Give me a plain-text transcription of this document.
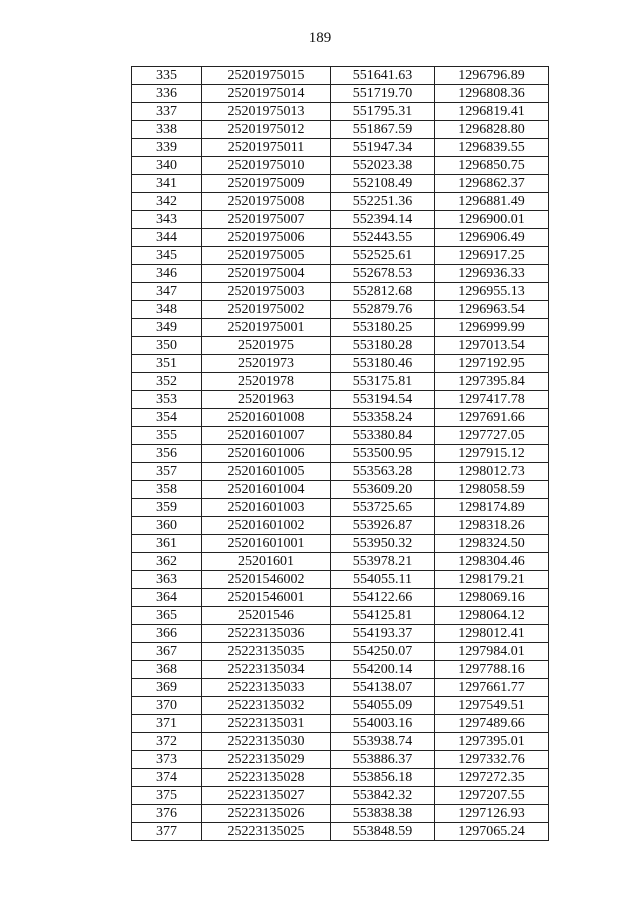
189
335	25201975015	551641.63	1296796.89
336	25201975014	551719.70	1296808.36
337	25201975013	551795.31	1296819.41
338	25201975012	551867.59	1296828.80
339	25201975011	551947.34	1296839.55
340	25201975010	552023.38	1296850.75
341	25201975009	552108.49	1296862.37
342	25201975008	552251.36	1296881.49
343	25201975007	552394.14	1296900.01
344	25201975006	552443.55	1296906.49
345	25201975005	552525.61	1296917.25
346	25201975004	552678.53	1296936.33
347	25201975003	552812.68	1296955.13
348	25201975002	552879.76	1296963.54
349	25201975001	553180.25	1296999.99
350	25201975	553180.28	1297013.54
351	25201973	553180.46	1297192.95
352	25201978	553175.81	1297395.84
353	25201963	553194.54	1297417.78
354	25201601008	553358.24	1297691.66
355	25201601007	553380.84	1297727.05
356	25201601006	553500.95	1297915.12
357	25201601005	553563.28	1298012.73
358	25201601004	553609.20	1298058.59
359	25201601003	553725.65	1298174.89
360	25201601002	553926.87	1298318.26
361	25201601001	553950.32	1298324.50
362	25201601	553978.21	1298304.46
363	25201546002	554055.11	1298179.21
364	25201546001	554122.66	1298069.16
365	25201546	554125.81	1298064.12
366	25223135036	554193.37	1298012.41
367	25223135035	554250.07	1297984.01
368	25223135034	554200.14	1297788.16
369	25223135033	554138.07	1297661.77
370	25223135032	554055.09	1297549.51
371	25223135031	554003.16	1297489.66
372	25223135030	553938.74	1297395.01
373	25223135029	553886.37	1297332.76
374	25223135028	553856.18	1297272.35
375	25223135027	553842.32	1297207.55
376	25223135026	553838.38	1297126.93
377	25223135025	553848.59	1297065.24
